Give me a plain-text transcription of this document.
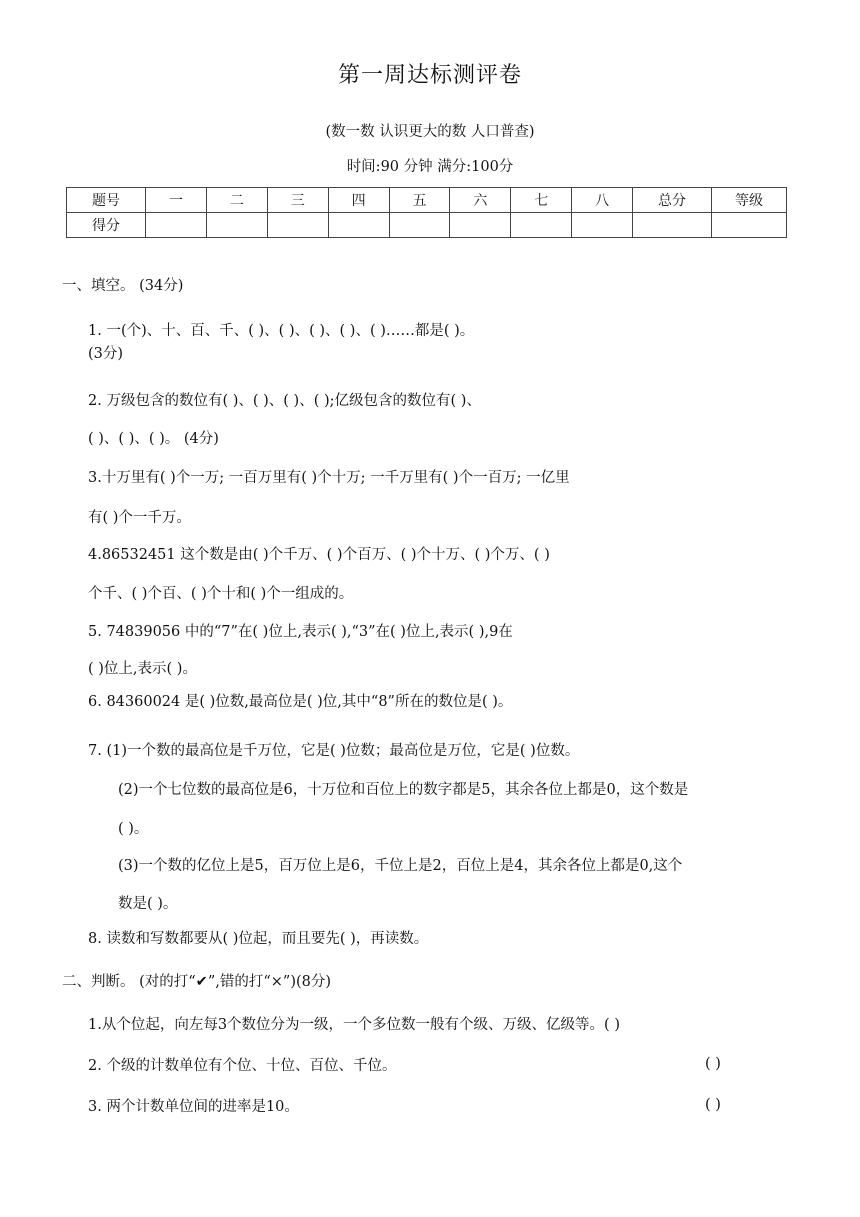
第一周达标测评卷
(数一数 认识更大的数 人口普查)
时间:90 分钟 满分:100分
题号	一	二	三	四	五	六	七	八	总分	等级
得分										
一、填空。 (34分)
1. 一(个)、十、百、千、( )、( )、( )、( )、( )……都是( )。
(3分)
2. 万级包含的数位有( )、( )、( )、( );亿级包含的数位有( )、
( )、( )、( )。 (4分)
3.十万里有( )个一万; 一百万里有( )个十万; 一千万里有( )个一百万; 一亿里
有( )个一千万。
4.86532451 这个数是由( )个千万、( )个百万、( )个十万、( )个万、( )
个千、( )个百、( )个十和( )个一组成的。
5. 74839056 中的“7”在( )位上,表示( ),“3”在( )位上,表示( ),9在
( )位上,表示( )。
6. 84360024 是( )位数,最高位是( )位,其中“8”所在的数位是( )。
7. (1)一个数的最高位是千万位，它是( )位数；最高位是万位，它是( )位数。
(2)一个七位数的最高位是6，十万位和百位上的数字都是5，其余各位上都是0，这个数是
( )。
(3)一个数的亿位上是5，百万位上是6，千位上是2，百位上是4，其余各位上都是0,这个
数是( )。
8. 读数和写数都要从( )位起，而且要先( )，再读数。
二、判断。 (对的打“✔”,错的打“×”)(8分)
1.从个位起，向左每3个数位分为一级，一个多位数一般有个级、万级、亿级等。( )
2. 个级的计数单位有个位、十位、百位、千位。	( )
3. 两个计数单位间的进率是10。	( )
